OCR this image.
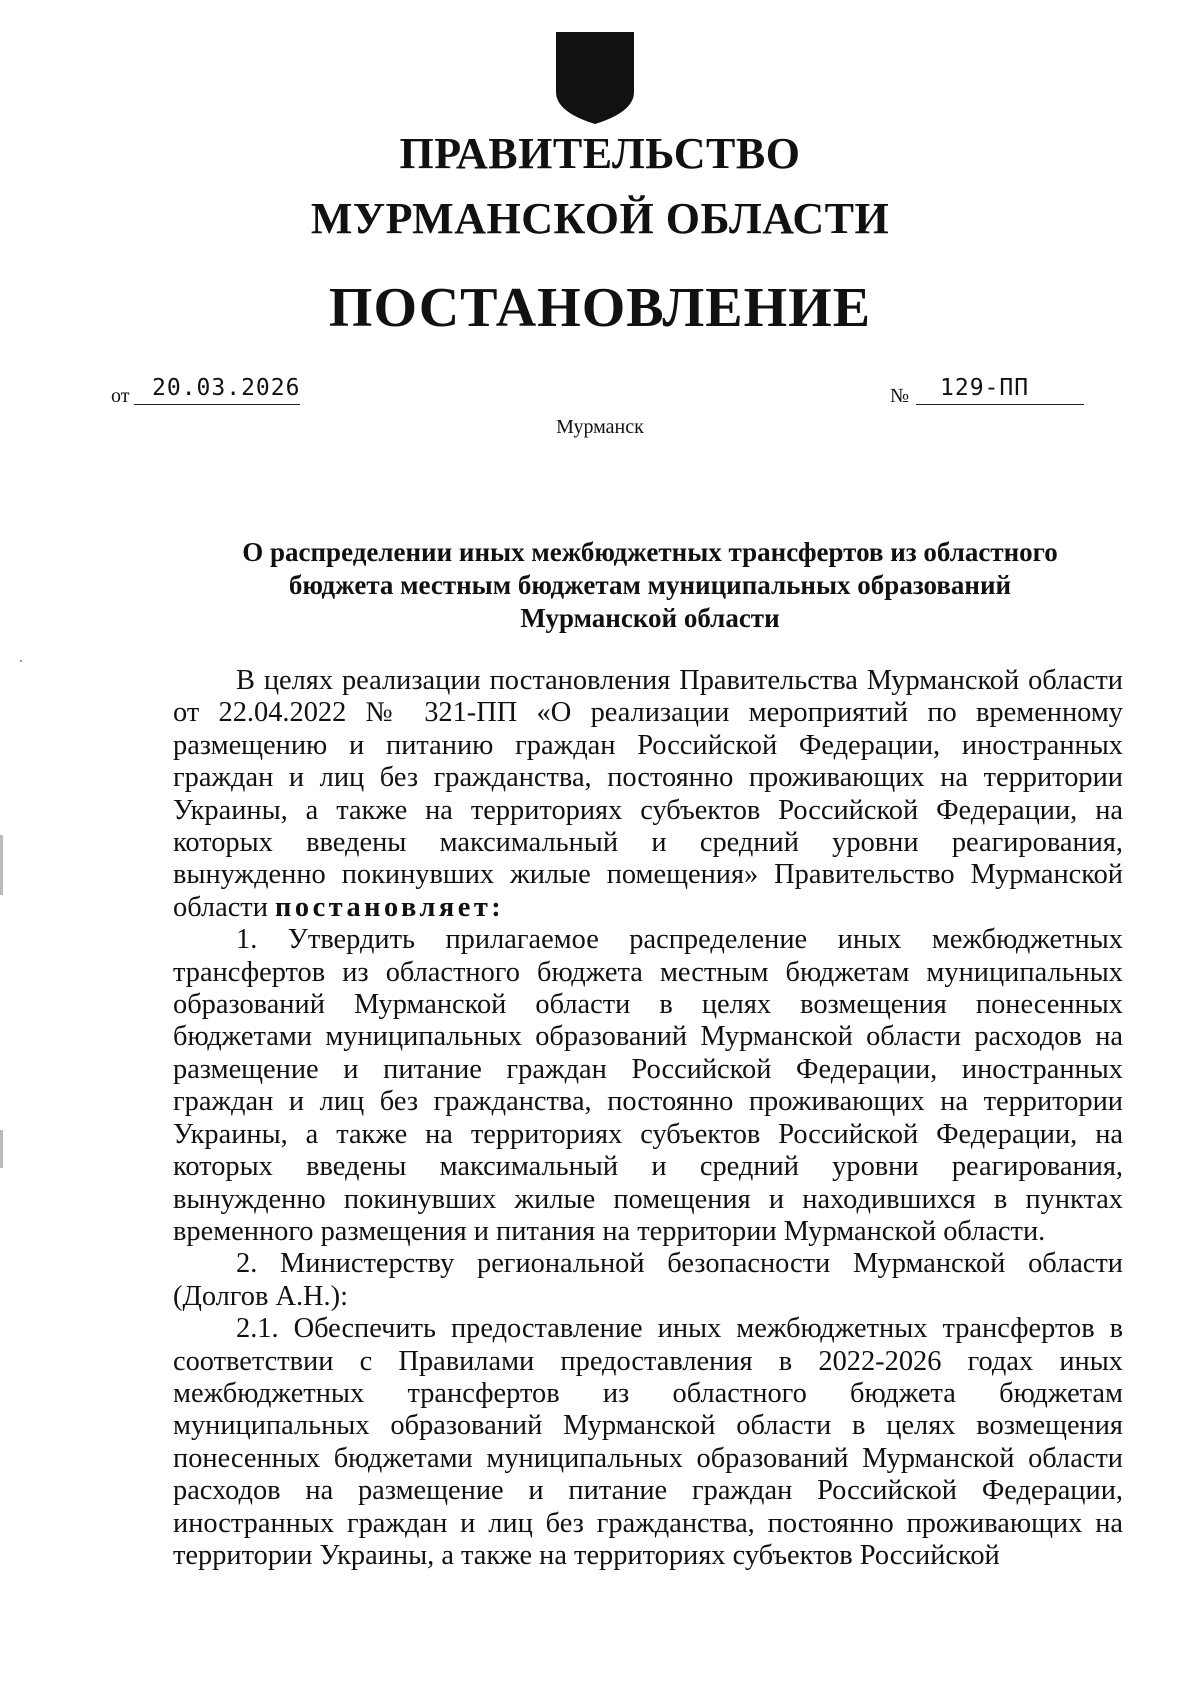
ПРАВИТЕЛЬСТВО
МУРМАНСКОЙ ОБЛАСТИ
ПОСТАНОВЛЕНИЕ
от 20.03.2026	№	129-ПП
Мурманск
О распределении иных межбюджетных трансфертов из областного
бюджета местным бюджетам муниципальных образований
Мурманской области

В целях реализации постановления Правительства Мурманской области от 22.04.2022 № 321-ПП «О реализации мероприятий по временному размещению и питанию граждан Российской Федерации, иностранных граждан и лиц без гражданства, постоянно проживающих на территории Украины, а также на территориях субъектов Российской Федерации, на которых введены максимальный и средний уровни реагирования, вынужденно покинувших жилые помещения» Правительство Мурманской области постановляет:

1. Утвердить прилагаемое распределение иных межбюджетных трансфертов из областного бюджета местным бюджетам муниципальных образований Мурманской области в целях возмещения понесенных бюджетами муниципальных образований Мурманской области расходов на размещение и питание граждан Российской Федерации, иностранных граждан и лиц без гражданства, постоянно проживающих на территории Украины, а также на территориях субъектов Российской Федерации, на которых введены максимальный и средний уровни реагирования, вынужденно покинувших жилые помещения и находившихся в пунктах временного размещения и питания на территории Мурманской области.

2. Министерству региональной безопасности Мурманской области (Долгов А.Н.):

2.1. Обеспечить предоставление иных межбюджетных трансфертов в соответствии с Правилами предоставления в 2022-2026 годах иных межбюджетных трансфертов из областного бюджета бюджетам муниципальных образований Мурманской области в целях возмещения понесенных бюджетами муниципальных образований Мурманской области расходов на размещение и питание граждан Российской Федерации, иностранных граждан и лиц без гражданства, постоянно проживающих на территории Украины, а также на территориях субъектов Российской
